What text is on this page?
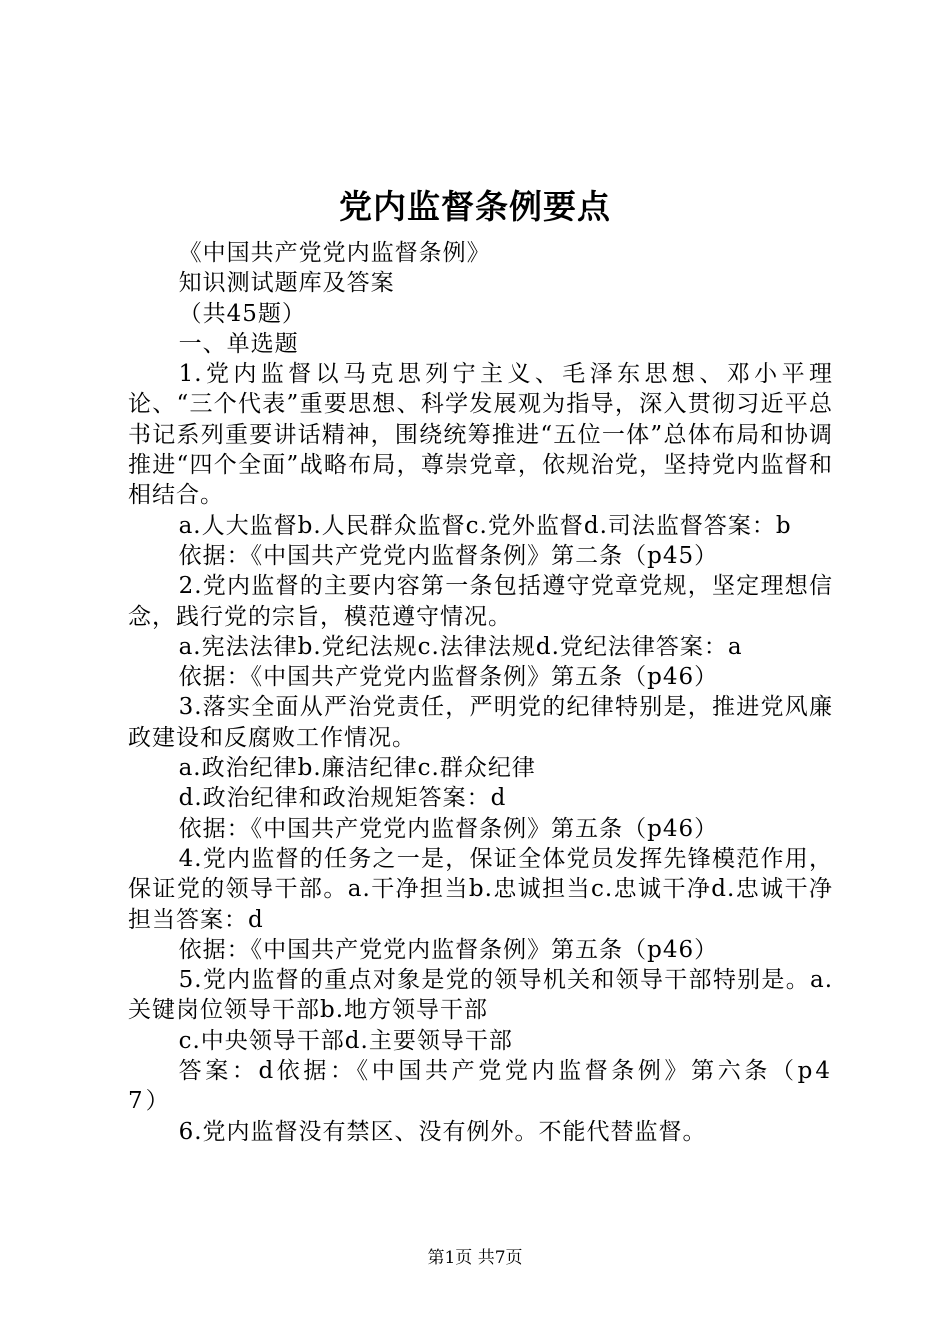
党内监督条例要点

《中国共产党党内监督条例》

知识测试题库及答案

（共45题）

一、单选题

1.党内监督以马克思列宁主义、毛泽东思想、邓小平理论、“三个代表”重要思想、科学发展观为指导，深入贯彻习近平总书记系列重要讲话精神，围绕统筹推进“五位一体”总体布局和协调推进“四个全面”战略布局，尊崇党章，依规治党，坚持党内监督和相结合。

a.人大监督b.人民群众监督c.党外监督d.司法监督答案：b

依据：《中国共产党党内监督条例》第二条（p45）

2.党内监督的主要内容第一条包括遵守党章党规，坚定理想信念，践行党的宗旨，模范遵守情况。

a.宪法法律b.党纪法规c.法律法规d.党纪法律答案：a

依据：《中国共产党党内监督条例》第五条（p46）

3.落实全面从严治党责任，严明党的纪律特别是，推进党风廉政建设和反腐败工作情况。

a.政治纪律b.廉洁纪律c.群众纪律

d.政治纪律和政治规矩答案：d

依据：《中国共产党党内监督条例》第五条（p46）

4.党内监督的任务之一是，保证全体党员发挥先锋模范作用，保证党的领导干部。a.干净担当b.忠诚担当c.忠诚干净d.忠诚干净担当答案：d

依据：《中国共产党党内监督条例》第五条（p46）

5.党内监督的重点对象是党的领导机关和领导干部特别是。a.关键岗位领导干部b.地方领导干部

c.中央领导干部d.主要领导干部

答案：d依据：《中国共产党党内监督条例》第六条（p47）

6.党内监督没有禁区、没有例外。不能代替监督。

第1页 共7页
